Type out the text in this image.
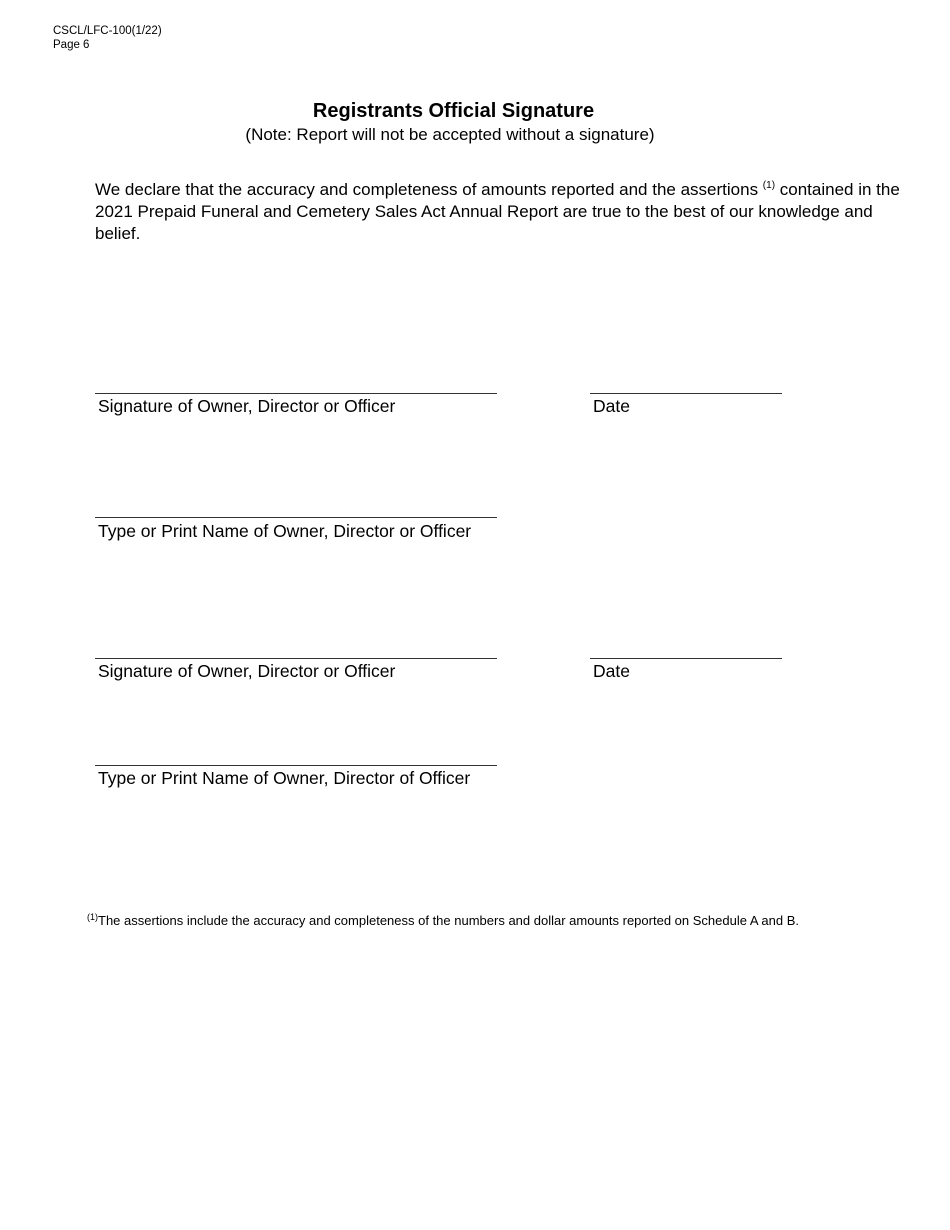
CSCL/LFC-100(1/22)
Page 6
Registrants Official Signature
(Note: Report will not be accepted without a signature)
We declare that the accuracy and completeness of amounts reported and the assertions $^{(1)}$ contained in the 2021 Prepaid Funeral and Cemetery Sales Act Annual Report are true to the best of our knowledge and belief.
Signature of Owner, Director or Officer	Date
Type or Print Name of Owner, Director or Officer
Signature of Owner, Director or Officer	Date
Type or Print Name of Owner, Director of Officer
$^{(1)}$The assertions include the accuracy and completeness of the numbers and dollar amounts reported on Schedule A and B.
